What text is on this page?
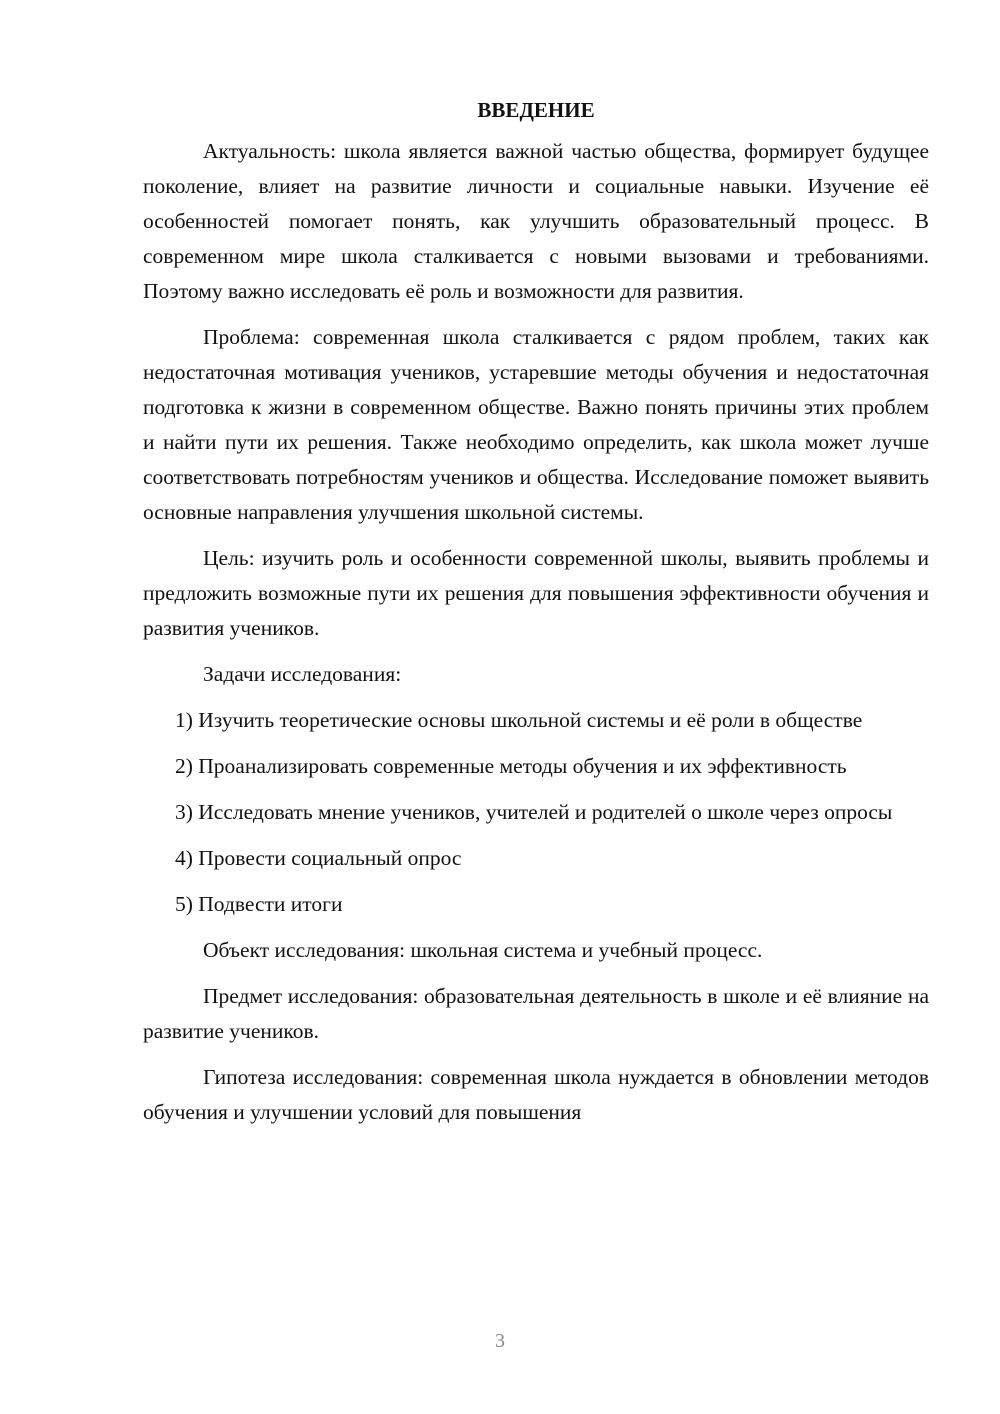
ВВЕДЕНИЕ

Актуальность: школа является важной частью общества, формирует будущее поколение, влияет на развитие личности и социальные навыки. Изучение её особенностей помогает понять, как улучшить образовательный процесс. В современном мире школа сталкивается с новыми вызовами и требованиями. Поэтому важно исследовать её роль и возможности для развития.

Проблема: современная школа сталкивается с рядом проблем, таких как недостаточная мотивация учеников, устаревшие методы обучения и недостаточная подготовка к жизни в современном обществе. Важно понять причины этих проблем и найти пути их решения. Также необходимо определить, как школа может лучше соответствовать потребностям учеников и общества. Исследование поможет выявить основные направления улучшения школьной системы.

Цель: изучить роль и особенности современной школы, выявить проблемы и предложить возможные пути их решения для повышения эффективности обучения и развития учеников.

Задачи исследования:

1) Изучить теоретические основы школьной системы и её роли в обществе

2) Проанализировать современные методы обучения и их эффективность

3) Исследовать мнение учеников, учителей и родителей о школе через опросы

4) Провести социальный опрос

5) Подвести итоги

Объект исследования: школьная система и учебный процесс.

Предмет исследования: образовательная деятельность в школе и её влияние на развитие учеников.

Гипотеза исследования: современная школа нуждается в обновлении методов обучения и улучшении условий для повышения

3
